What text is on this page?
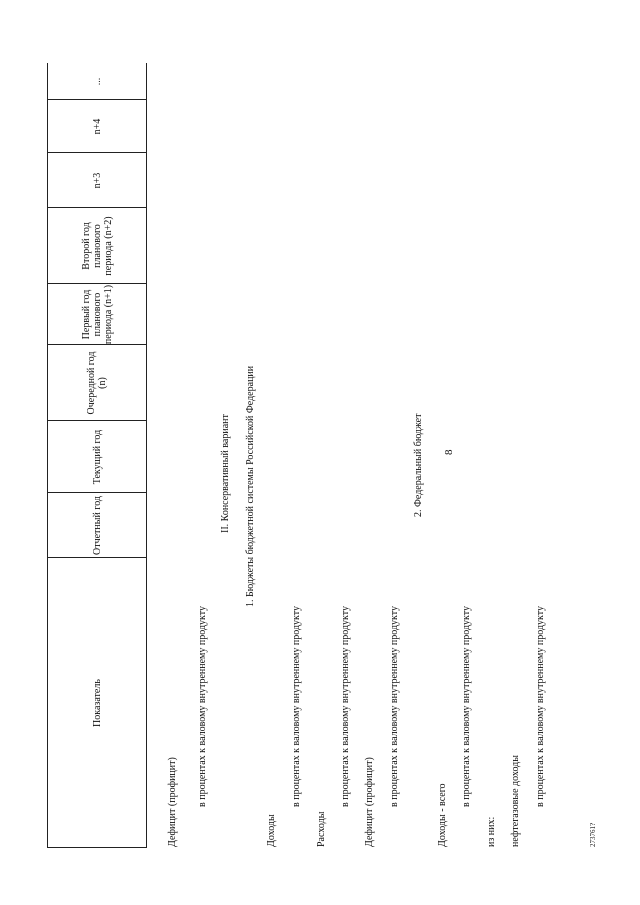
8
Показатель
Отчетный год
Текущий год
Очередной год (n)
Первый год планового периода (n+1)
Второй год планового периода (n+2)
n+3
n+4
...
Дефицит (профицит) в процентах к валовому внутреннему продукту
II. Консервативный вариант 1. Бюджеты бюджетной системы Российской Федерации
Доходы
в процентах к валовому внутреннему продукту
Расходы
в процентах к валовому внутреннему продукту Дефицит (профицит) в процентах к валовому внутреннему продукту
2. Федеральный бюджет
Доходы - всего
в процентах к валовому внутреннему продукту
из них: нефтегазовые доходы в процентах к валовому внутреннему продукту
273761?
